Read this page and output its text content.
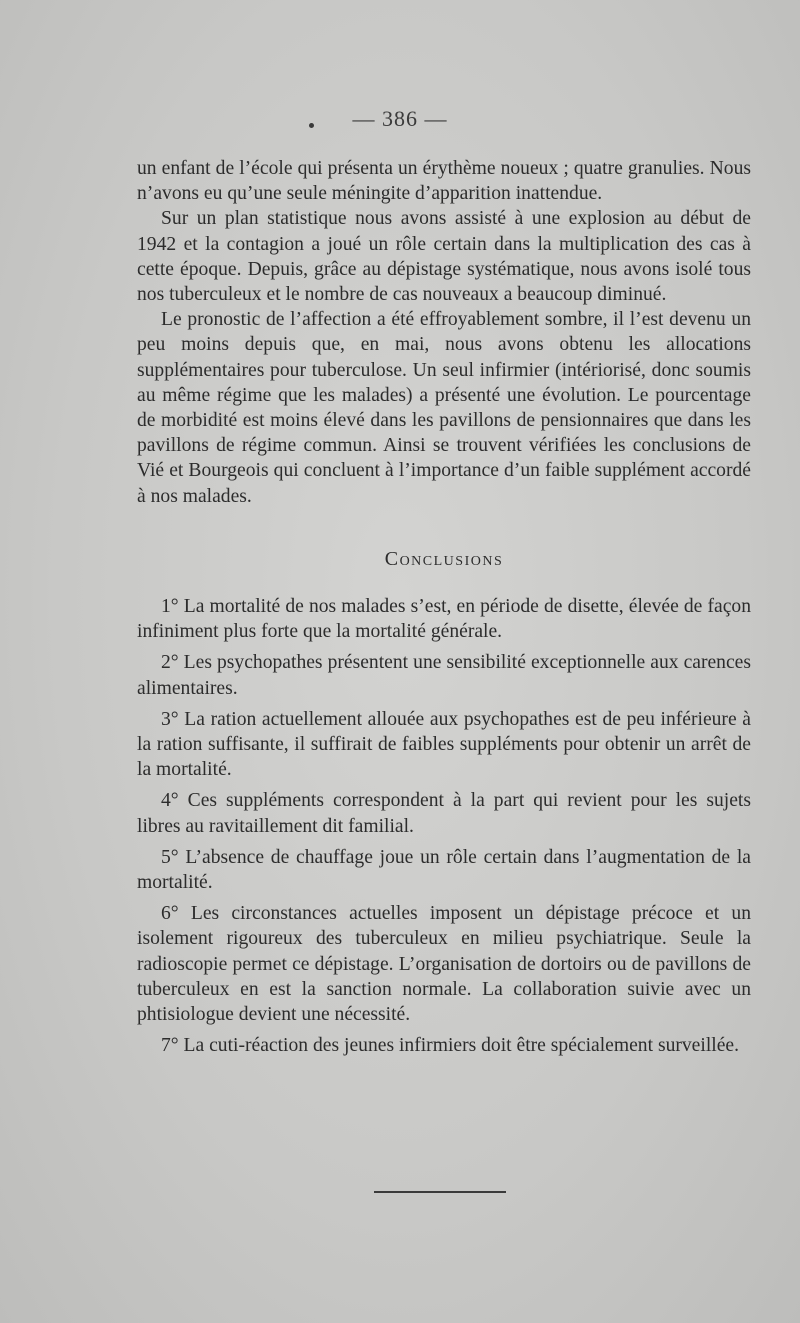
— 386 —

un enfant de l’école qui présenta un érythème noueux ; quatre granulies. Nous n’avons eu qu’une seule méningite d’apparition inattendue.

Sur un plan statistique nous avons assisté à une explosion au début de 1942 et la contagion a joué un rôle certain dans la multiplication des cas à cette époque. Depuis, grâce au dépistage systématique, nous avons isolé tous nos tuberculeux et le nombre de cas nouveaux a beaucoup diminué.

Le pronostic de l’affection a été effroyablement sombre, il l’est devenu un peu moins depuis que, en mai, nous avons obtenu les allocations supplémentaires pour tuberculose. Un seul infirmier (intériorisé, donc soumis au même régime que les malades) a présenté une évolution. Le pourcentage de morbidité est moins élevé dans les pavillons de pensionnaires que dans les pavillons de régime commun. Ainsi se trouvent vérifiées les conclusions de Vié et Bourgeois qui concluent à l’importance d’un faible supplément accordé à nos malades.

Conclusions

1° La mortalité de nos malades s’est, en période de disette, élevée de façon infiniment plus forte que la mortalité générale.

2° Les psychopathes présentent une sensibilité exceptionnelle aux carences alimentaires.

3° La ration actuellement allouée aux psychopathes est de peu inférieure à la ration suffisante, il suffirait de faibles suppléments pour obtenir un arrêt de la mortalité.

4° Ces suppléments correspondent à la part qui revient pour les sujets libres au ravitaillement dit familial.

5° L’absence de chauffage joue un rôle certain dans l’augmentation de la mortalité.

6° Les circonstances actuelles imposent un dépistage précoce et un isolement rigoureux des tuberculeux en milieu psychiatrique. Seule la radioscopie permet ce dépistage. L’organisation de dortoirs ou de pavillons de tuberculeux en est la sanction normale. La collaboration suivie avec un phtisiologue devient une nécessité.

7° La cuti-réaction des jeunes infirmiers doit être spécialement surveillée.
